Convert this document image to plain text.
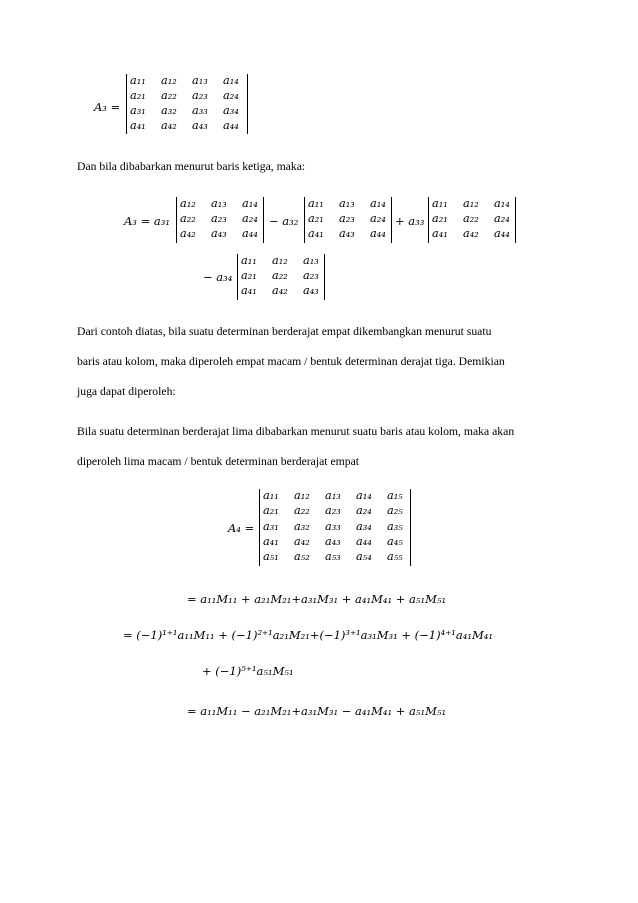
A₃ =
a₁₁ a₁₂ a₁₃ a₁₄
a₂₁ a₂₂ a₂₃ a₂₄
a₃₁ a₃₂ a₃₃ a₃₄
a₄₁ a₄₂ a₄₃ a₄₄
Dan bila dibabarkan menurut baris ketiga, maka:
A₃ = a₃₁
a₁₂ a₁₃ a₁₄
a₂₂ a₂₃ a₂₄
a₄₂ a₄₃ a₄₄
− a₃₂
a₁₁ a₁₃ a₁₄
a₂₁ a₂₃ a₂₄
a₄₁ a₄₃ a₄₄
+ a₃₃
a₁₁ a₁₂ a₁₄
a₂₁ a₂₂ a₂₄
a₄₁ a₄₂ a₄₄
− a₃₄
a₁₁ a₁₂ a₁₃
a₂₁ a₂₂ a₂₃
a₄₁ a₄₂ a₄₃
Dari contoh diatas, bila suatu determinan berderajat empat dikembangkan menurut suatu
baris atau kolom, maka diperoleh empat macam / bentuk determinan derajat tiga. Demikian
juga dapat diperoleh:
Bila suatu determinan berderajat lima dibabarkan menurut suatu baris atau kolom, maka akan
diperoleh lima macam / bentuk determinan berderajat empat
A₄ =
a₁₁ a₁₂ a₁₃ a₁₄ a₁₅
a₂₁ a₂₂ a₂₃ a₂₄ a₂₅
a₃₁ a₃₂ a₃₃ a₃₄ a₃₅
a₄₁ a₄₂ a₄₃ a₄₄ a₄₅
a₅₁ a₅₂ a₅₃ a₅₄ a₅₅
= a₁₁M₁₁ + a₂₁M₂₁+a₃₁M₃₁ + a₄₁M₄₁ + a₅₁M₅₁
= (−1)¹⁺¹a₁₁M₁₁ + (−1)²⁺¹a₂₁M₂₁+(−1)³⁺¹a₃₁M₃₁ + (−1)⁴⁺¹a₄₁M₄₁
+ (−1)⁵⁺¹a₅₁M₅₁
= a₁₁M₁₁ − a₂₁M₂₁+a₃₁M₃₁ − a₄₁M₄₁ + a₅₁M₅₁
